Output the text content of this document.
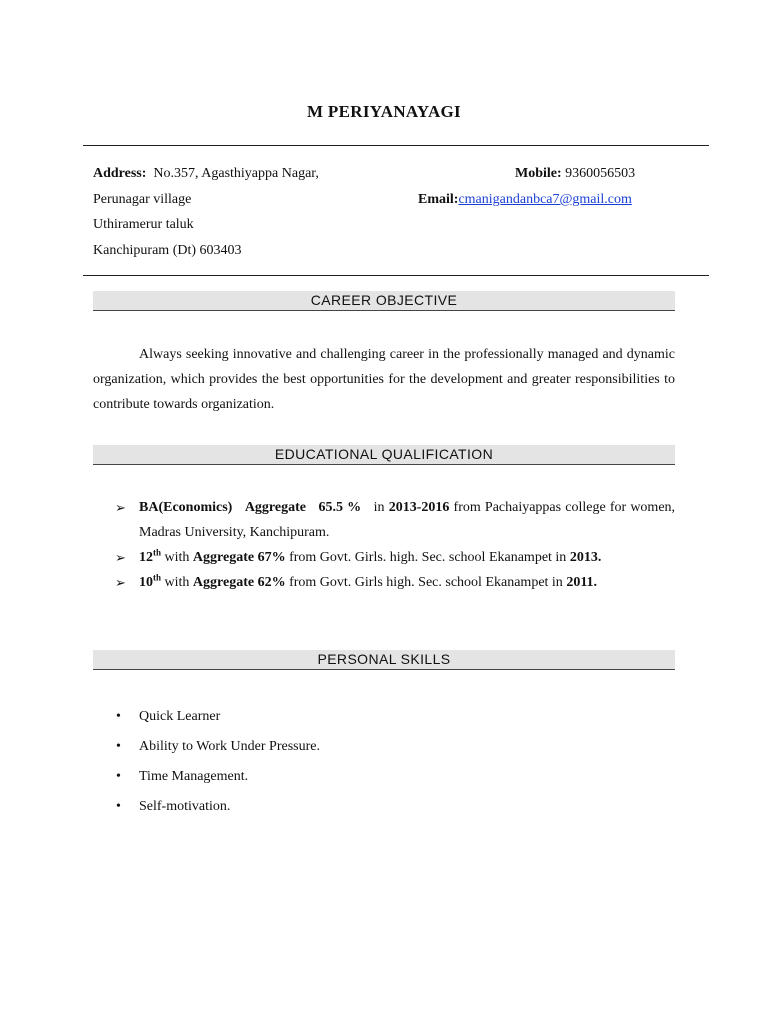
M PERIYANAYAGI
Address: No.357, Agasthiyappa Nagar,
Perunagar village
Uthiramerur taluk
Kanchipuram (Dt) 603403
Mobile: 9360056503
Email:cmanigandanbca7@gmail.com
CAREER OBJECTIVE
Always seeking innovative and challenging career in the professionally managed and dynamic organization, which provides the best opportunities for the development and greater responsibilities to contribute towards organization.
EDUCATIONAL QUALIFICATION
➢ BA(Economics) Aggregate 65.5 % in 2013-2016 from Pachaiyappas college for women, Madras University, Kanchipuram.
➢ 12th with Aggregate 67% from Govt. Girls. high. Sec. school Ekanampet in 2013.
➢ 10th with Aggregate 62% from Govt. Girls high. Sec. school Ekanampet in 2011.
PERSONAL SKILLS
• Quick Learner
• Ability to Work Under Pressure.
• Time Management.
• Self-motivation.
